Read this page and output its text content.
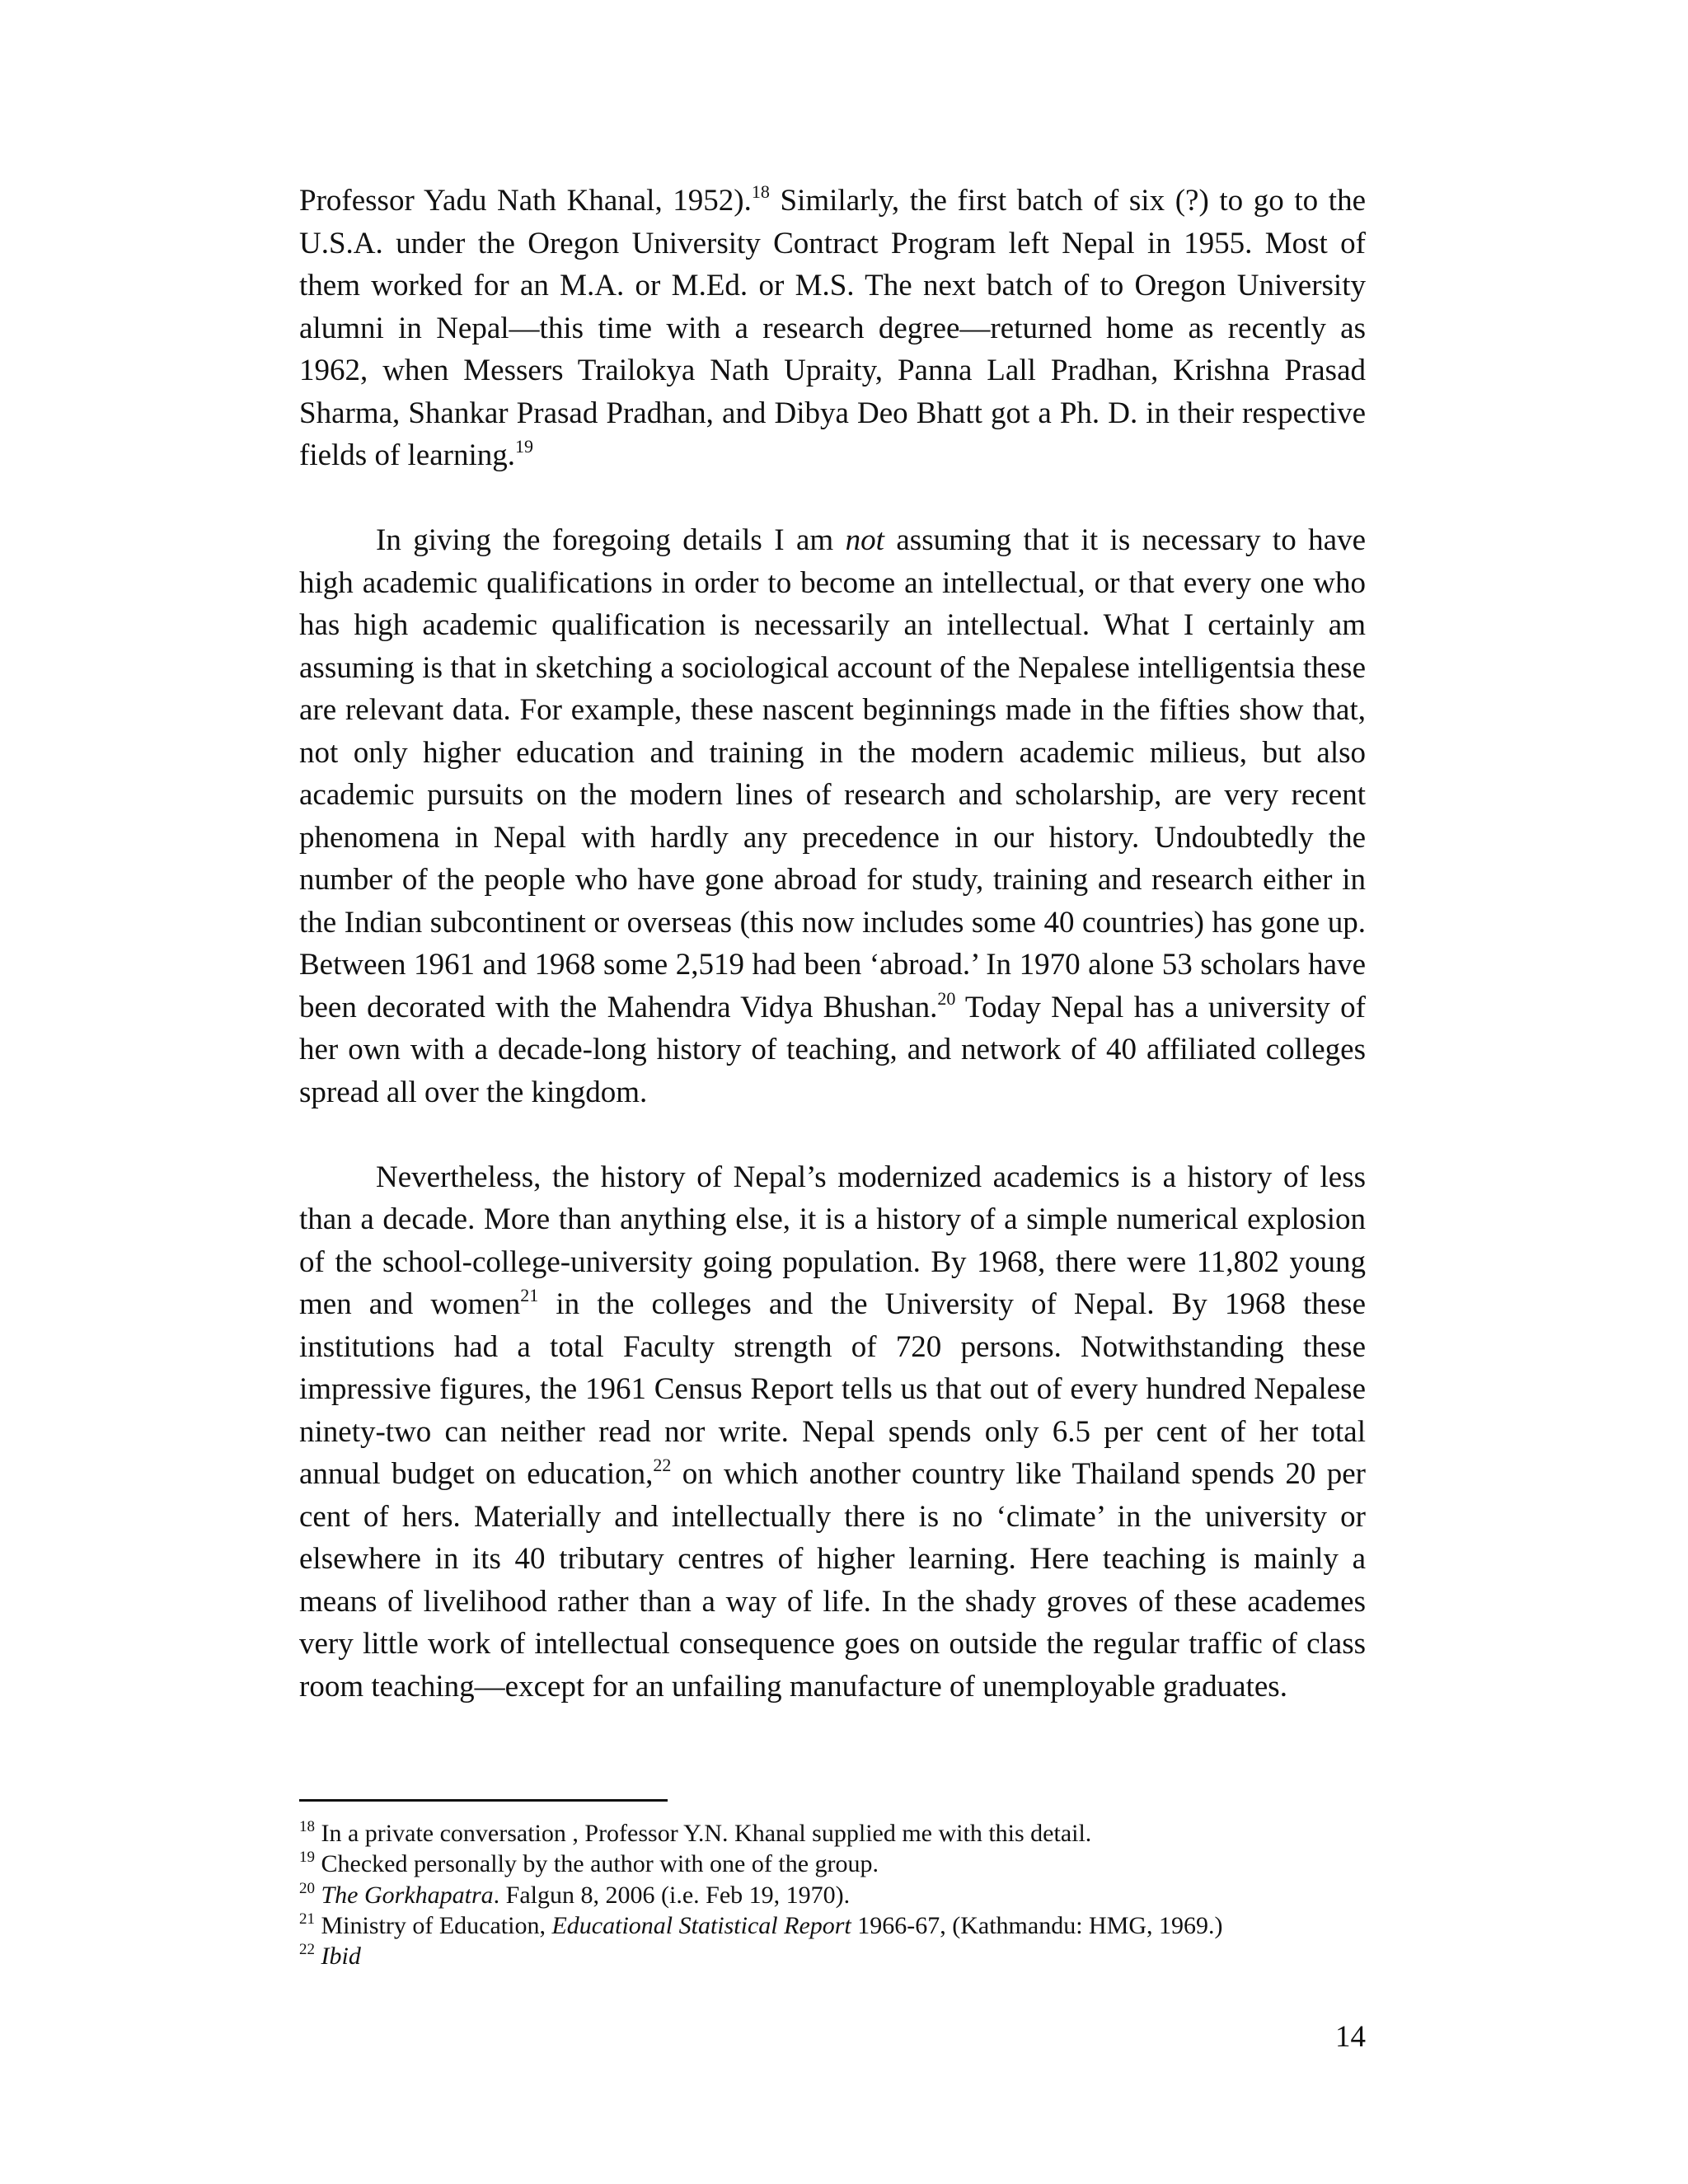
Professor Yadu Nath Khanal, 1952).$^{18}$ Similarly, the first batch of six (?) to go to the U.S.A. under the Oregon University Contract Program left Nepal in 1955. Most of them worked for an M.A. or M.Ed. or M.S. The next batch of to Oregon University alumni in Nepal—this time with a research degree—returned home as recently as 1962, when Messers Trailokya Nath Upraity, Panna Lall Pradhan, Krishna Prasad Sharma, Shankar Prasad Pradhan, and Dibya Deo Bhatt got a Ph. D. in their respective fields of learning.$^{19}$

In giving the foregoing details I am not assuming that it is necessary to have high academic qualifications in order to become an intellectual, or that every one who has high academic qualification is necessarily an intellectual. What I certainly am assuming is that in sketching a sociological account of the Nepalese intelligentsia these are relevant data. For example, these nascent beginnings made in the fifties show that, not only higher education and training in the modern academic milieus, but also academic pursuits on the modern lines of research and scholarship, are very recent phenomena in Nepal with hardly any precedence in our history. Undoubtedly the number of the people who have gone abroad for study, training and research either in the Indian subcontinent or overseas (this now includes some 40 countries) has gone up. Between 1961 and 1968 some 2,519 had been ‘abroad.’ In 1970 alone 53 scholars have been decorated with the Mahendra Vidya Bhushan.$^{20}$ Today Nepal has a university of her own with a decade-long history of teaching, and network of 40 affiliated colleges spread all over the kingdom.

Nevertheless, the history of Nepal’s modernized academics is a history of less than a decade. More than anything else, it is a history of a simple numerical explosion of the school-college-university going population. By 1968, there were 11,802 young men and women$^{21}$ in the colleges and the University of Nepal. By 1968 these institutions had a total Faculty strength of 720 persons. Notwithstanding these impressive figures, the 1961 Census Report tells us that out of every hundred Nepalese ninety-two can neither read nor write. Nepal spends only 6.5 per cent of her total annual budget on education,$^{22}$ on which another country like Thailand spends 20 per cent of hers. Materially and intellectually there is no ‘climate’ in the university or elsewhere in its 40 tributary centres of higher learning. Here teaching is mainly a means of livelihood rather than a way of life. In the shady groves of these academes very little work of intellectual consequence goes on outside the regular traffic of class room teaching—except for an unfailing manufacture of unemployable graduates.

$^{18}$ In a private conversation , Professor Y.N. Khanal supplied me with this detail.

$^{19}$ Checked personally by the author with one of the group.

$^{20}$ The Gorkhapatra. Falgun 8, 2006 (i.e. Feb 19, 1970).

$^{21}$ Ministry of Education, Educational Statistical Report 1966-67, (Kathmandu: HMG, 1969.)

$^{22}$ Ibid

14
